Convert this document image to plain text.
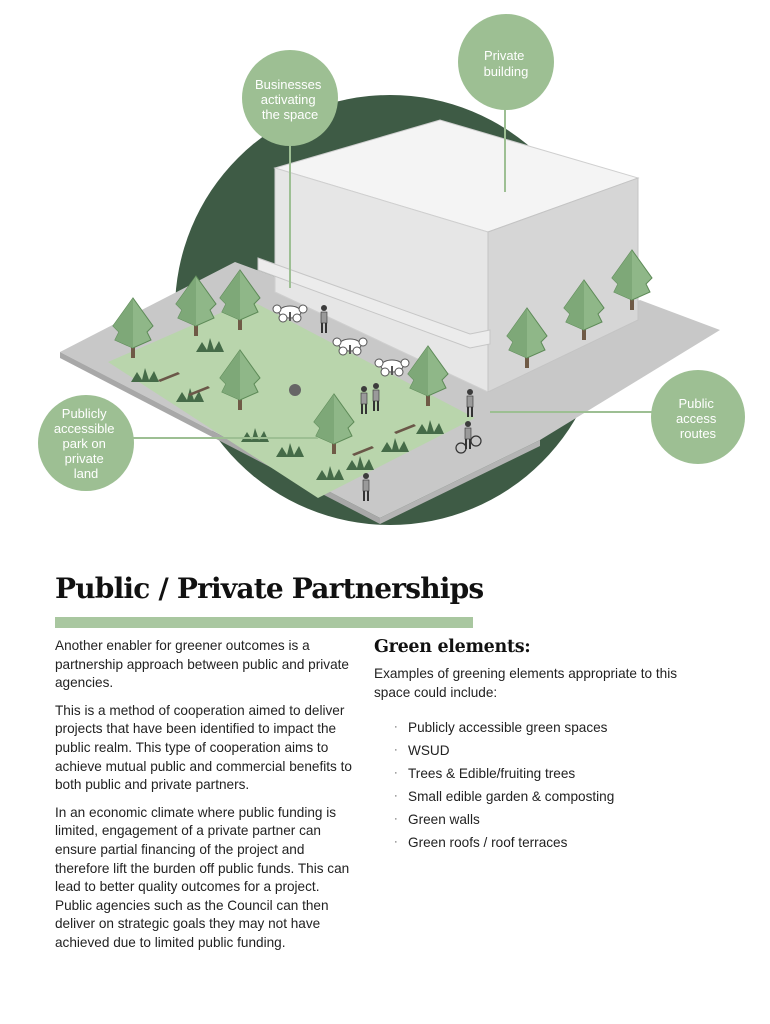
Private building
Businesses activating the space
Public access routes
Publicly accessible park on private land
Public / Private Partnerships

Another enabler for greener outcomes is a partnership approach between public and private agencies.

This is a method of cooperation aimed to deliver projects that have been identified to impact the public realm. This type of cooperation aims to achieve mutual public and commercial benefits to both public and private partners.

In an economic climate where public funding is limited, engagement of a private partner can ensure partial financing of the project and therefore lift the burden off public funds. This can lead to better quality outcomes for a project. Public agencies such as the Council can then deliver on strategic goals they may not have achieved due to limited public funding.

Green elements:

Examples of greening elements appropriate to this space could include:

· Publicly accessible green spaces
· WSUD
· Trees & Edible/fruiting trees
· Small edible garden & composting
· Green walls
· Green roofs / roof terraces
